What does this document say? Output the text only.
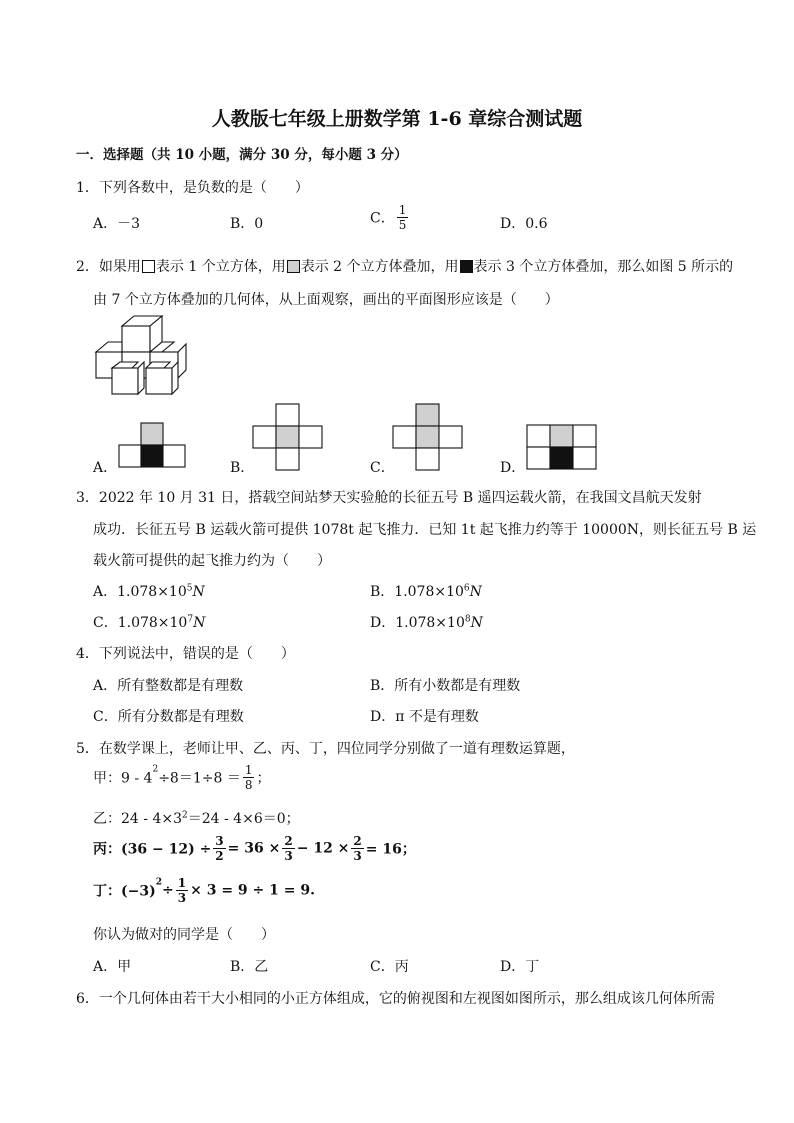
人教版七年级上册数学第 1-6 章综合测试题
一．选择题（共 10 小题，满分 30 分，每小题 3 分）
1．下列各数中，是负数的是（　　）
A．－3	B．0	C． $\frac{1}{5}$	D．0.6
2．如果用 表示 1 个立方体，用 表示 2 个立方体叠加，用 表示 3 个立方体叠加，那么如图 5 所示的
由 7 个立方体叠加的几何体，从上面观察，画出的平面图形应该是（　　）
A．	B．	C．	D．
3．2022 年 10 月 31 日，搭载空间站梦天实验舱的长征五号 B 遥四运载火箭，在我国文昌航天发射
成功．长征五号 B 运载火箭可提供 1078t 起飞推力．已知 1t 起飞推力约等于 10000N，则长征五号 B 运
载火箭可提供的起飞推力约为（　　）
A．$1.078\times 10^5N$	B．$1.078\times 10^6N$
C．$1.078\times 10^7N$	D．$1.078\times 10^8N$
4．下列说法中，错误的是（　　）
A．所有整数都是有理数	B．所有小数都是有理数
C．所有分数都是有理数	D．π 不是有理数
5．在数学课上，老师让甲、乙、丙、丁，四位同学分别做了一道有理数运算题，
甲：$9 - 4^2\div 8=1\div 8 = \frac{1}{8}$ ；
乙：$24 - 4\times 3^2=24 - 4\times 6=0$；
丙：$(36 - 12) \div \frac{3}{2} = 36 \times \frac{2}{3} - 12 \times \frac{2}{3} = 16$；
丁：$(-3)^2\div \frac{1}{3} \times 3 = 9 \div 1 = 9$.
你认为做对的同学是（　　）
A．甲	B．乙	C．丙	D．丁
6．一个几何体由若干大小相同的小正方体组成，它的俯视图和左视图如图所示，那么组成该几何体所需
